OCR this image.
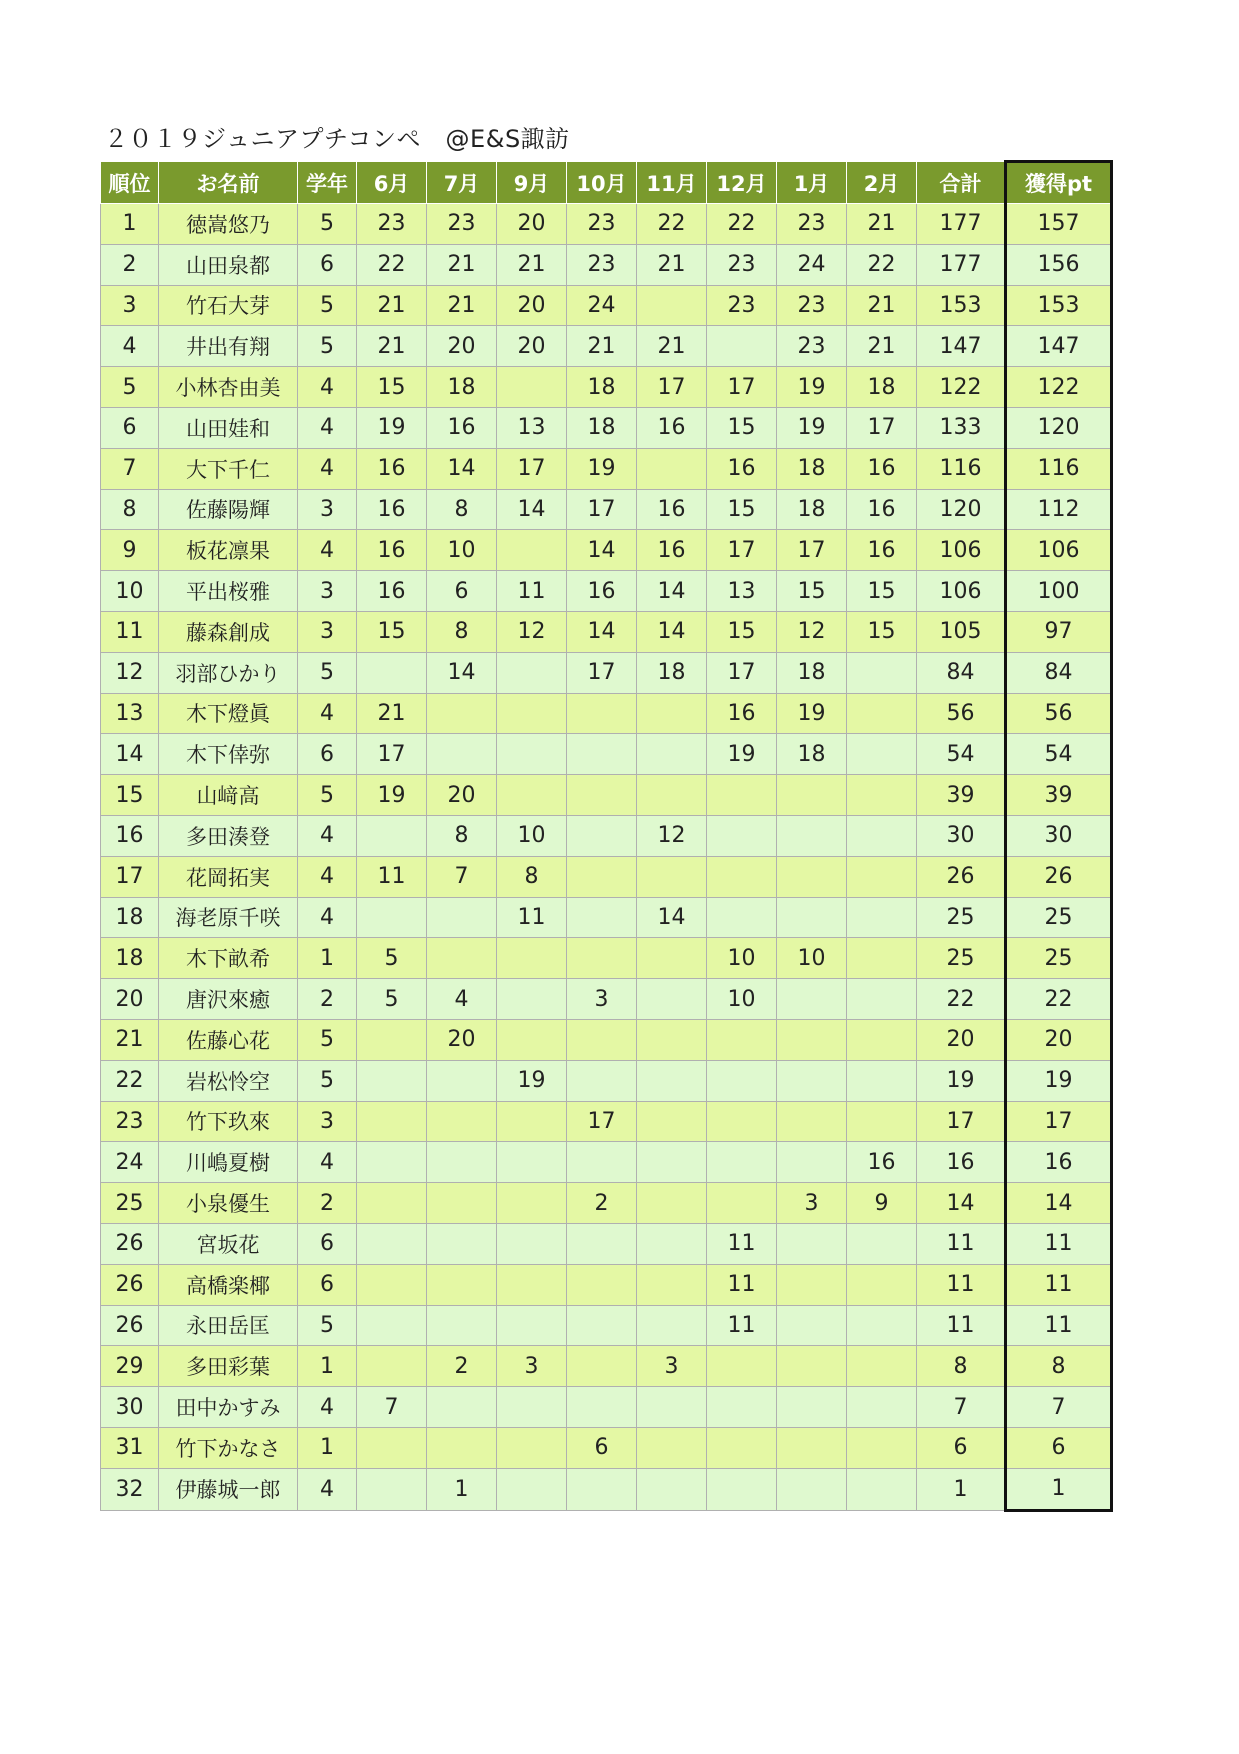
２０１９ジュニアプチコンペ　@E&S諏訪
順位	お名前	学年	6月	7月	9月	10月	11月	12月	1月	2月	合計	獲得pt
1	徳嵩悠乃	5	23	23	20	23	22	22	23	21	177	157
2	山田泉都	6	22	21	21	23	21	23	24	22	177	156
3	竹石大芽	5	21	21	20	24		23	23	21	153	153
4	井出有翔	5	21	20	20	21	21		23	21	147	147
5	小林杏由美	4	15	18		18	17	17	19	18	122	122
6	山田娃和	4	19	16	13	18	16	15	19	17	133	120
7	大下千仁	4	16	14	17	19		16	18	16	116	116
8	佐藤陽輝	3	16	8	14	17	16	15	18	16	120	112
9	板花凛果	4	16	10		14	16	17	17	16	106	106
10	平出桜雅	3	16	6	11	16	14	13	15	15	106	100
11	藤森創成	3	15	8	12	14	14	15	12	15	105	97
12	羽部ひかり	5		14		17	18	17	18		84	84
13	木下燈眞	4	21					16	19		56	56
14	木下倖弥	6	17					19	18		54	54
15	山﨑高	5	19	20							39	39
16	多田湊登	4		8	10		12				30	30
17	花岡拓実	4	11	7	8						26	26
18	海老原千咲	4			11		14				25	25
18	木下畝希	1	5					10	10		25	25
20	唐沢來癒	2	5	4		3		10			22	22
21	佐藤心花	5		20							20	20
22	岩松怜空	5			19						19	19
23	竹下玖來	3				17					17	17
24	川嶋夏樹	4								16	16	16
25	小泉優生	2				2			3	9	14	14
26	宮坂花	6						11			11	11
26	高橋楽椰	6						11			11	11
26	永田岳匡	5						11			11	11
29	多田彩葉	1		2	3		3				8	8
30	田中かすみ	4	7								7	7
31	竹下かなさ	1				6					6	6
32	伊藤城一郎	4		1							1	1
